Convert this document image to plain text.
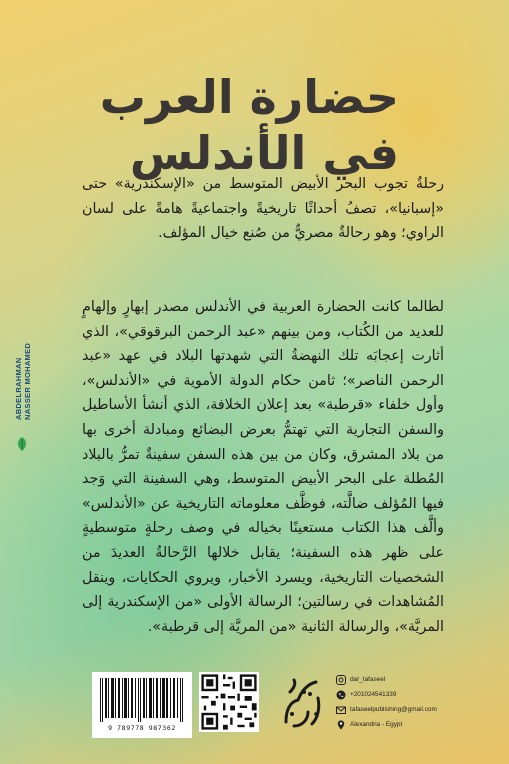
حضارة العرب
في الأندلس

رحلةٌ تجوب البحر الأبيض المتوسط من «الإسكندرية» حتى «إسبانيا»، تصفُ أحداثًا تاريخيةً واجتماعيةً هامةً على لسان الراوي؛ وهو رحالةٌ مصريٌّ من صُنع خيال المؤلف.

لطالما كانت الحضارة العربية في الأندلس مصدر إبهارٍ وإلهامٍ للعديد من الكُتاب، ومن بينهم «عبد الرحمن البرقوقي»، الذي أثارت إعجابَه تلك النهضةُ التي شهدتها البلاد في عهد «عبد الرحمن الناصر»؛ ثامن حكام الدولة الأموية في «الأندلس»، وأول خلفاء «قرطبة» بعد إعلان الخلافة، الذي أنشأ الأساطيل والسفن التجارية التي تهتمُّ بعرض البضائع ومبادلة أخرى بها من بلاد المشرق، وكان من بين هذه السفن سفينةٌ تمرُّ بالبلاد المُطلة على البحر الأبيض المتوسط، وهي السفينة التي وَجد فيها المُؤلف ضالَّته، فوظَّف معلوماته التاريخية عن «الأندلس» وألَّف هذا الكتاب مستعينًا بخياله في وصف رحلةٍ متوسطيةٍ على ظهر هذه السفينة؛ يقابل خلالها الرَّحالةُ العديدَ من الشخصيات التاريخية، ويسرد الأخبار، ويروي الحكايات، وينقل المُشاهدات في رسالتين؛ الرسالة الأولى «من الإسكندرية إلى المريَّة»، والرسالة الثانية «من المريَّة إلى قرطبة».

ABDELRAHMAN
NASSER MOHAMED
9 789778 987362
dar_tafaseel
+201024541339
tafaseelpublishing@gmail.com
Alexandria - Egypt
